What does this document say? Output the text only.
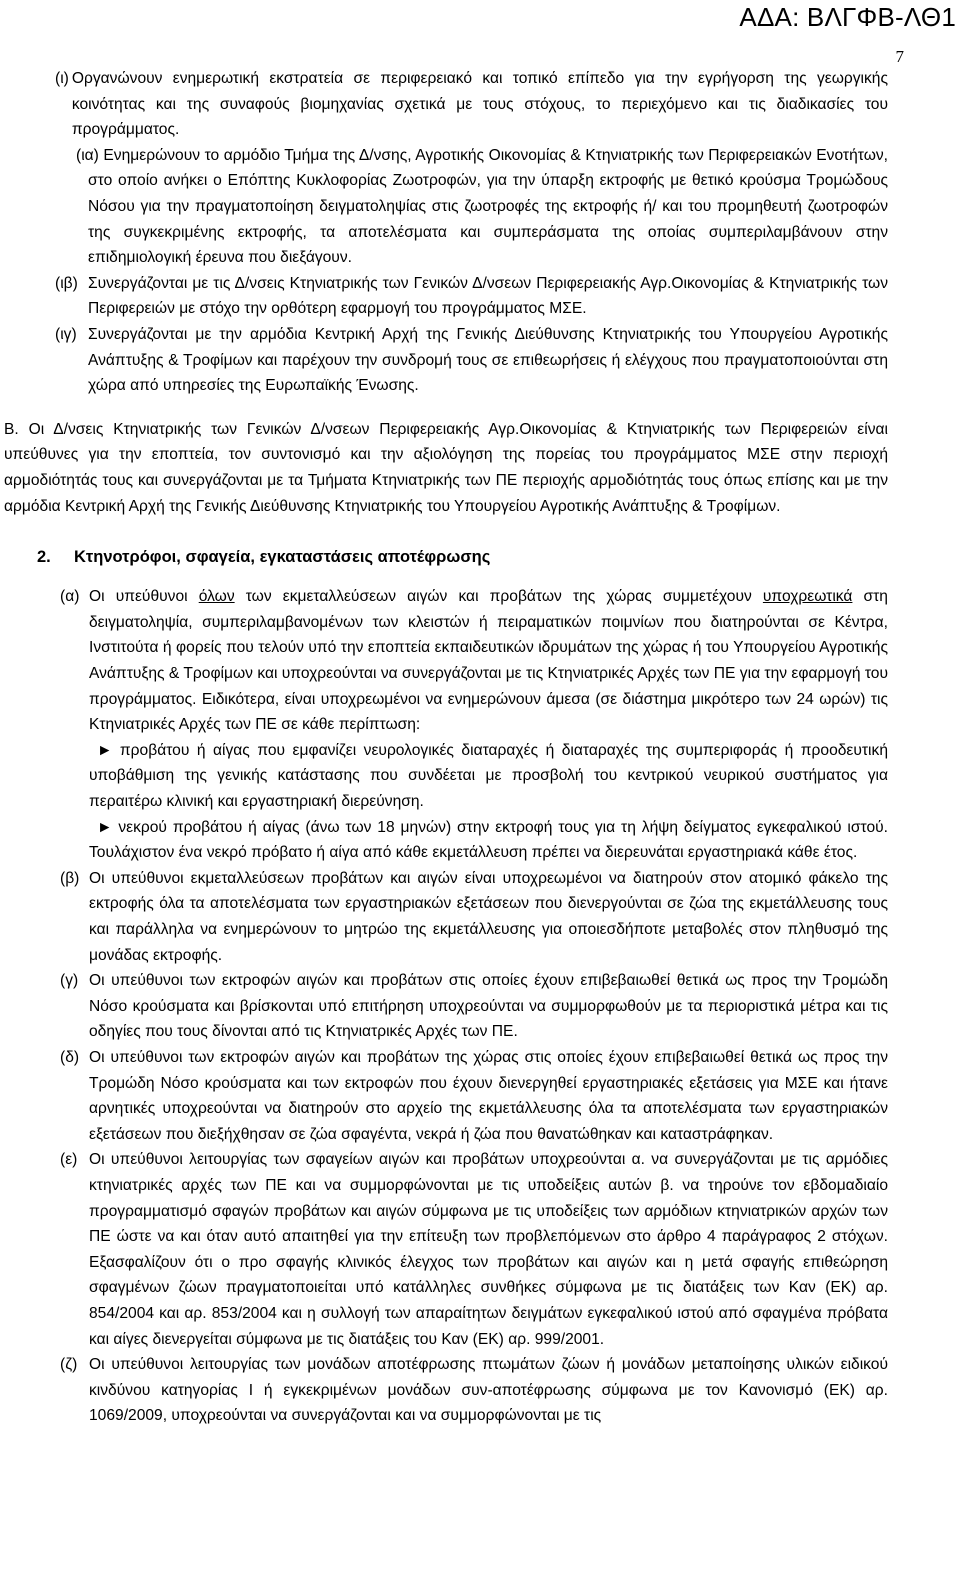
ΑΔΑ: ΒΛΓΦΒ-ΛΘ1
7
(ι) Οργανώνουν ενημερωτική εκστρατεία σε περιφερειακό και τοπικό επίπεδο για την εγρήγορση της γεωργικής κοινότητας και της συναφούς βιομηχανίας σχετικά με τους στόχους, το περιεχόμενο και τις διαδικασίες του προγράμματος.
(ια) Ενημερώνουν το αρμόδιο Τμήμα της Δ/νσης, Αγροτικής Οικονομίας & Κτηνιατρικής των Περιφερειακών Ενοτήτων, στο οποίο ανήκει ο Επόπτης Κυκλοφορίας Ζωοτροφών, για την ύπαρξη εκτροφής με θετικό κρούσμα Τρομώδους Νόσου για την πραγματοποίηση δειγματοληψίας στις ζωοτροφές της εκτροφής ή/ και του προμηθευτή ζωοτροφών της συγκεκριμένης εκτροφής, τα αποτελέσματα και συμπεράσματα της οποίας συμπεριλαμβάνουν στην επιδημιολογική έρευνα που διεξάγουν.
(ιβ) Συνεργάζονται με τις Δ/νσεις Κτηνιατρικής των Γενικών Δ/νσεων Περιφερειακής Αγρ.Οικονομίας & Κτηνιατρικής των Περιφερειών με στόχο την ορθότερη εφαρμογή του προγράμματος ΜΣΕ.
(ιγ) Συνεργάζονται με την αρμόδια Κεντρική Αρχή της Γενικής Διεύθυνσης Κτηνιατρικής του Υπουργείου Αγροτικής Ανάπτυξης & Τροφίμων και παρέχουν την συνδρομή τους σε επιθεωρήσεις ή ελέγχους που πραγματοποιούνται στη χώρα από υπηρεσίες της Ευρωπαϊκής Ένωσης.
Β. Οι Δ/νσεις Κτηνιατρικής των Γενικών Δ/νσεων Περιφερειακής Αγρ.Οικονομίας & Κτηνιατρικής των Περιφερειών είναι υπεύθυνες για την εποπτεία, τον συντονισμό και την αξιολόγηση της πορείας του προγράμματος ΜΣΕ στην περιοχή αρμοδιότητάς τους και συνεργάζονται με τα Τμήματα Κτηνιατρικής των ΠΕ περιοχής αρμοδιότητάς τους όπως επίσης και με την αρμόδια Κεντρική Αρχή της Γενικής Διεύθυνσης Κτηνιατρικής του Υπουργείου Αγροτικής Ανάπτυξης & Τροφίμων.
2.	Κτηνοτρόφοι, σφαγεία, εγκαταστάσεις αποτέφρωσης
(α) Οι υπεύθυνοι όλων των εκμεταλλεύσεων αιγών και προβάτων της χώρας συμμετέχουν υποχρεωτικά στη δειγματοληψία, συμπεριλαμβανομένων των κλειστών ή πειραματικών ποιμνίων που διατηρούνται σε Κέντρα, Ινστιτούτα ή φορείς που τελούν υπό την εποπτεία εκπαιδευτικών ιδρυμάτων της χώρας ή του Υπουργείου Αγροτικής Ανάπτυξης & Τροφίμων και υποχρεούνται να συνεργάζονται με τις Κτηνιατρικές Αρχές των ΠΕ για την εφαρμογή του προγράμματος. Ειδικότερα, είναι υποχρεωμένοι να ενημερώνουν άμεσα (σε διάστημα μικρότερο των 24 ωρών) τις Κτηνιατρικές Αρχές των ΠΕ σε κάθε περίπτωση:

► προβάτου ή αίγας που εμφανίζει νευρολογικές διαταραχές ή διαταραχές της συμπεριφοράς ή προοδευτική υποβάθμιση της γενικής κατάστασης που συνδέεται με προσβολή του κεντρικού νευρικού συστήματος για περαιτέρω κλινική και εργαστηριακή διερεύνηση.

► νεκρού προβάτου ή αίγας (άνω των 18 μηνών) στην εκτροφή τους για τη λήψη δείγματος εγκεφαλικού ιστού. Τουλάχιστον ένα νεκρό πρόβατο ή αίγα από κάθε εκμετάλλευση πρέπει να διερευνάται εργαστηριακά κάθε έτος.

(β) Οι υπεύθυνοι εκμεταλλεύσεων προβάτων και αιγών είναι υποχρεωμένοι να διατηρούν στον ατομικό φάκελο της εκτροφής όλα τα αποτελέσματα των εργαστηριακών εξετάσεων που διενεργούνται σε ζώα της εκμετάλλευσης τους και παράλληλα να ενημερώνουν το μητρώο της εκμετάλλευσης για οποιεσδήποτε μεταβολές στον πληθυσμό της μονάδας εκτροφής.
(γ) Οι υπεύθυνοι των εκτροφών αιγών και προβάτων στις οποίες έχουν επιβεβαιωθεί θετικά ως προς την Τρομώδη Νόσο κρούσματα και βρίσκονται υπό επιτήρηση υποχρεούνται να συμμορφωθούν με τα περιοριστικά μέτρα και τις οδηγίες που τους δίνονται από τις Κτηνιατρικές Αρχές των ΠΕ.
(δ) Οι υπεύθυνοι των εκτροφών αιγών και προβάτων της χώρας στις οποίες έχουν επιβεβαιωθεί θετικά ως προς την Τρομώδη Νόσο κρούσματα και των εκτροφών που έχουν διενεργηθεί εργαστηριακές εξετάσεις για ΜΣΕ και ήτανε αρνητικές υποχρεούνται να διατηρούν στο αρχείο της εκμετάλλευσης όλα τα αποτελέσματα των εργαστηριακών εξετάσεων που διεξήχθησαν σε ζώα σφαγέντα, νεκρά ή ζώα που θανατώθηκαν και καταστράφηκαν.
(ε) Οι υπεύθυνοι λειτουργίας των σφαγείων αιγών και προβάτων υποχρεούνται α. να συνεργάζονται με τις αρμόδιες κτηνιατρικές αρχές των ΠΕ και να συμμορφώνονται με τις υποδείξεις αυτών β. να τηρούνε τον εβδομαδιαίο προγραμματισμό σφαγών προβάτων και αιγών σύμφωνα με τις υποδείξεις των αρμόδιων κτηνιατρικών αρχών των ΠΕ ώστε να και όταν αυτό απαιτηθεί για την επίτευξη των προβλεπόμενων στο άρθρο 4 παράγραφος 2 στόχων. Εξασφαλίζουν ότι ο προ σφαγής κλινικός έλεγχος των προβάτων και αιγών και η μετά σφαγής επιθεώρηση σφαγμένων ζώων πραγματοποιείται υπό κατάλληλες συνθήκες σύμφωνα με τις διατάξεις των Καν (ΕΚ) αρ. 854/2004 και αρ. 853/2004 και η συλλογή των απαραίτητων δειγμάτων εγκεφαλικού ιστού από σφαγμένα πρόβατα και αίγες διενεργείται σύμφωνα με τις διατάξεις του Καν (ΕΚ) αρ. 999/2001.
(ζ) Οι υπεύθυνοι λειτουργίας των μονάδων αποτέφρωσης πτωμάτων ζώων ή μονάδων μεταποίησης υλικών ειδικού κινδύνου κατηγορίας Ι ή εγκεκριμένων μονάδων συν-αποτέφρωσης σύμφωνα με τον Κανονισμό (ΕΚ) αρ. 1069/2009, υποχρεούνται να συνεργάζονται και να συμμορφώνονται με τις
